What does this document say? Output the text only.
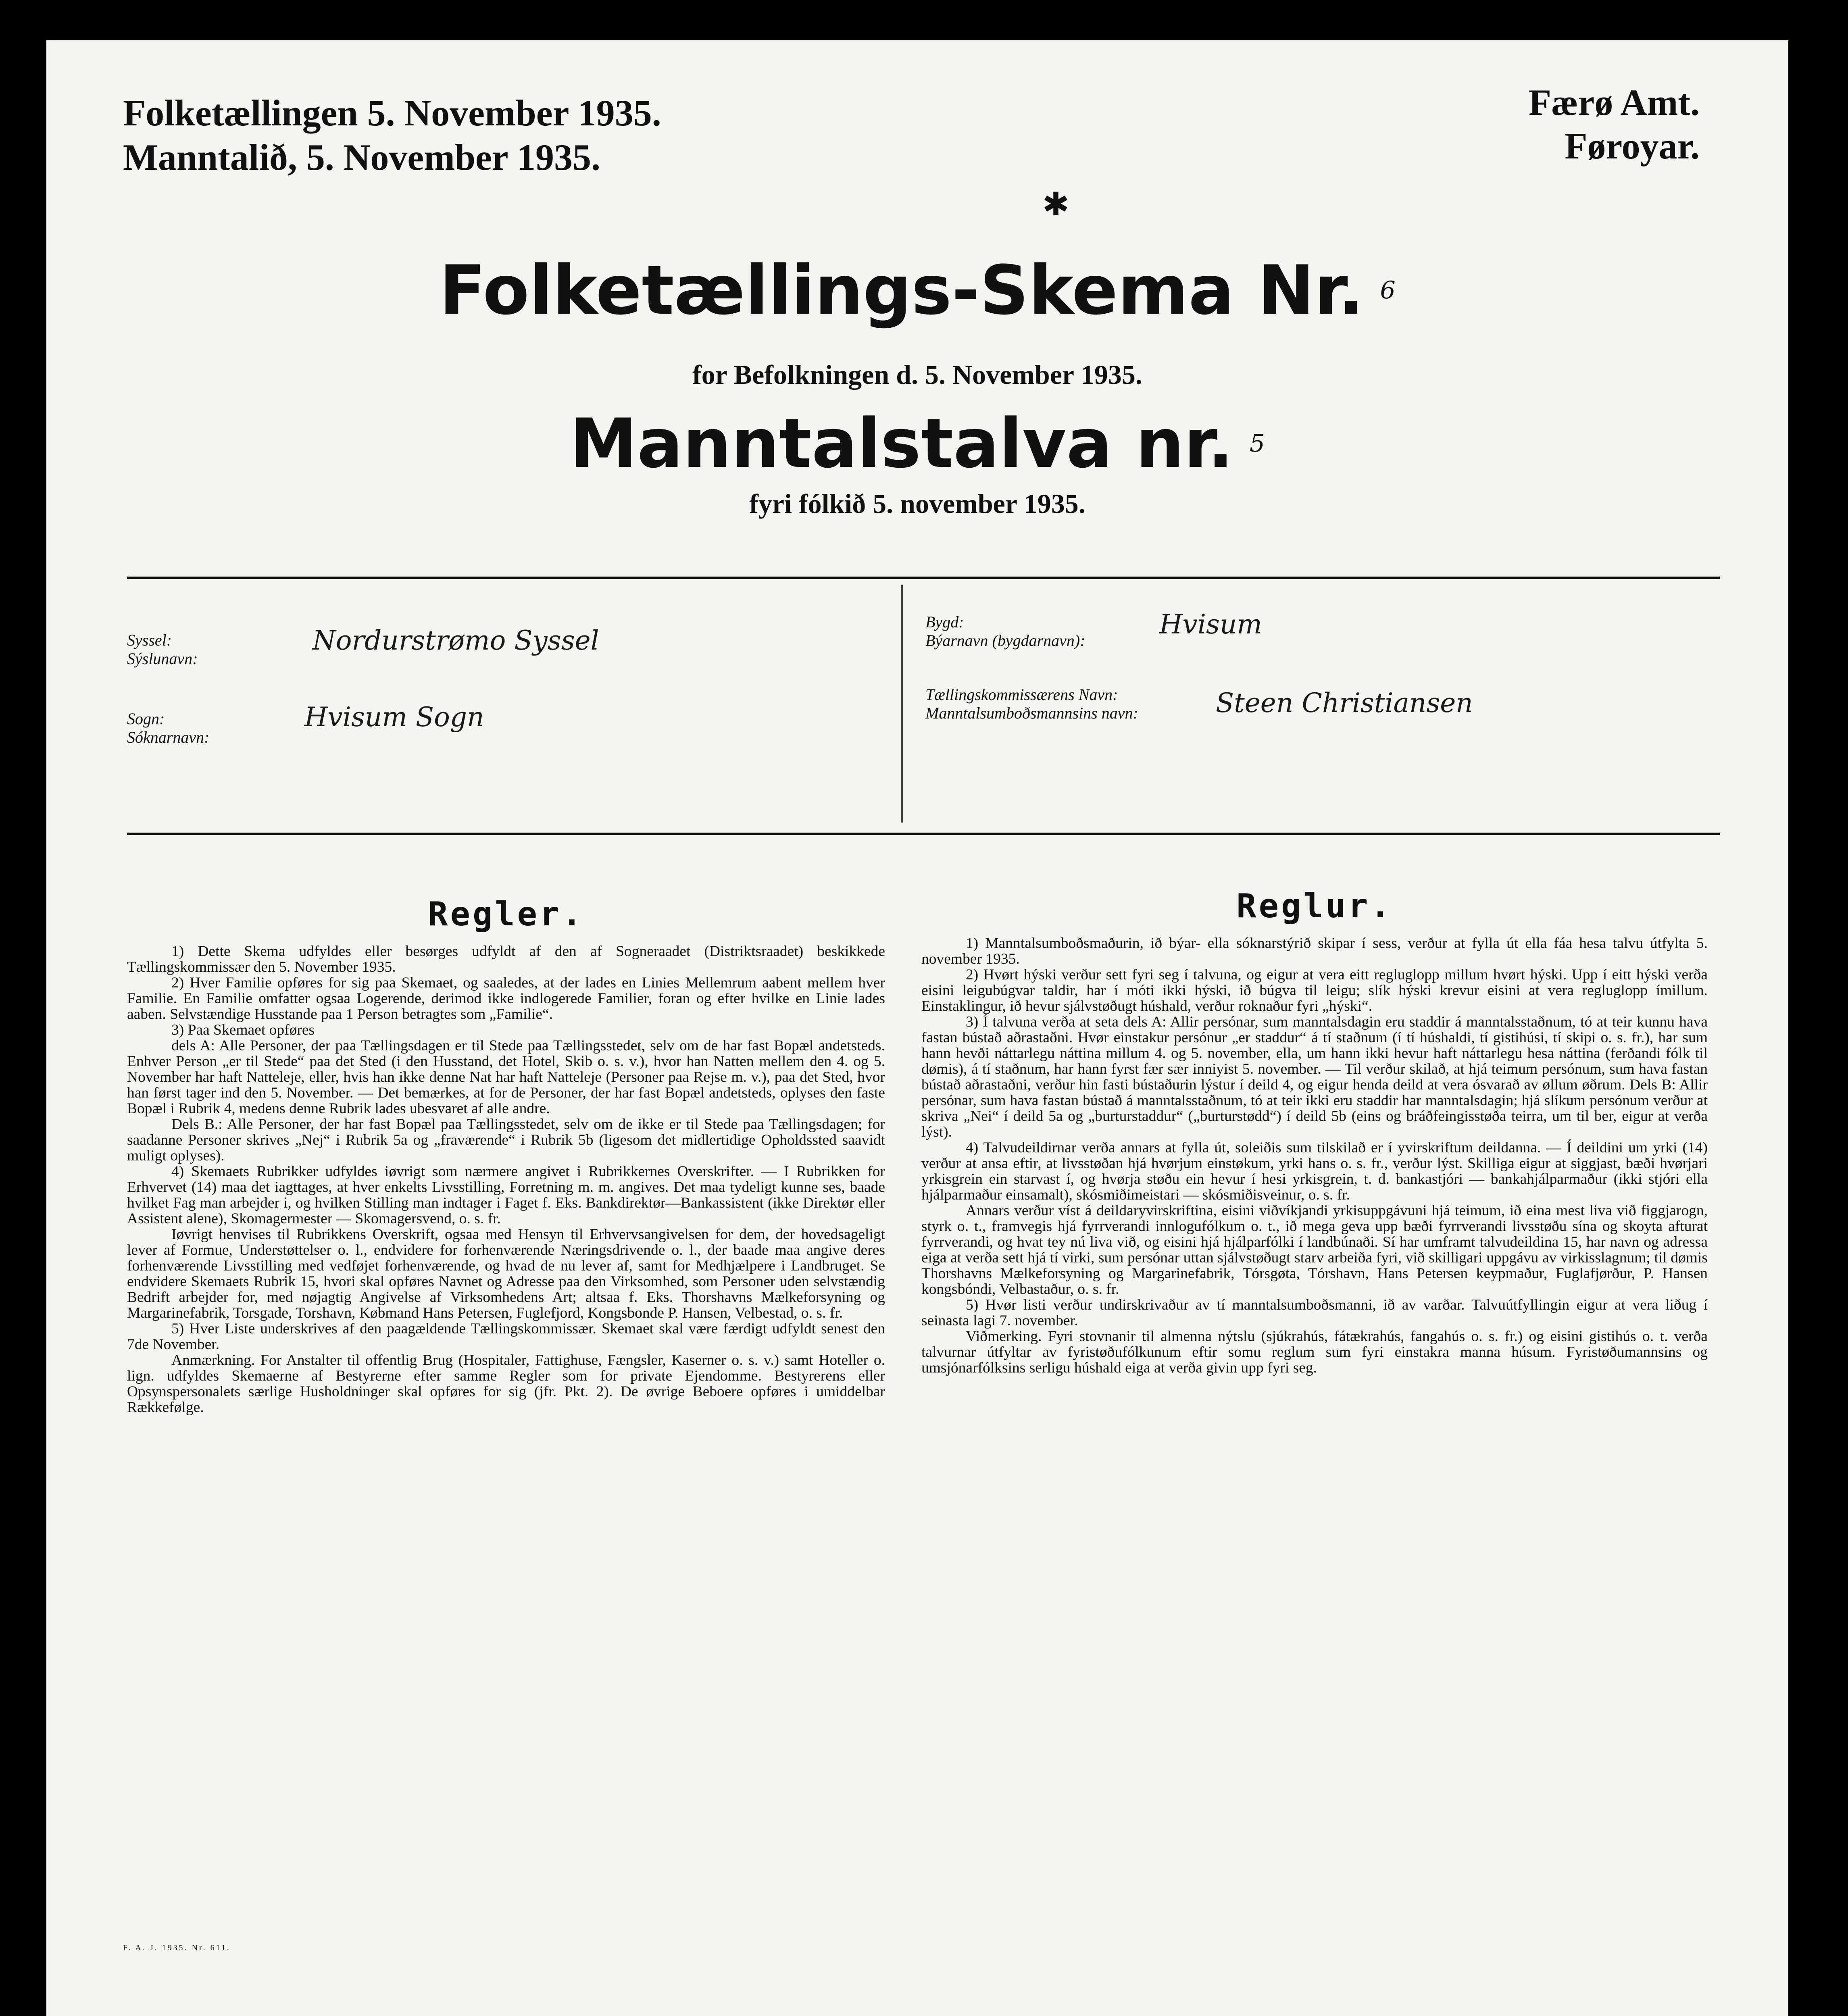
Folketællingen 5. November 1935.
Manntalið, 5. November 1935.
Færø Amt.
Føroyar.
✱
Folketællings-Skema Nr. $^6$
for Befolkningen d. 5. November 1935.
Manntalstalva nr. $^5$
fyri fólkið 5. november 1935.
Syssel:
Sýslunavn:
Nordurstrømo Syssel
Sogn:
Sóknarnavn:
Hvisum Sogn
Bygd:
Býarnavn (bygdarnavn):
Hvisum
Tællingskommissærens Navn:
Manntalsumboðsmannsins navn:	Steen Christiansen
Regler.

1) Dette Skema udfyldes eller besørges udfyldt af den af Sogneraadet (Distriktsraadet) beskikkede Tællingskommissær den 5. November 1935.

2) Hver Familie opføres for sig paa Skemaet, og saaledes, at der lades en Linies Mellemrum aabent mellem hver Familie. En Familie omfatter ogsaa Logerende, derimod ikke indlogerede Familier, foran og efter hvilke en Linie lades aaben. Selvstændige Husstande paa 1 Person betragtes som „Familie“.

3) Paa Skemaet opføres

dels A: Alle Personer, der paa Tællingsdagen er til Stede paa Tællingsstedet, selv om de har fast Bopæl andetsteds. Enhver Person „er til Stede“ paa det Sted (i den Husstand, det Hotel, Skib o. s. v.), hvor han Natten mellem den 4. og 5. November har haft Natteleje, eller, hvis han ikke denne Nat har haft Natteleje (Personer paa Rejse m. v.), paa det Sted, hvor han først tager ind den 5. November. — Det bemærkes, at for de Personer, der har fast Bopæl andetsteds, oplyses den faste Bopæl i Rubrik 4, medens denne Rubrik lades ubesvaret af alle andre.

Dels B.: Alle Personer, der har fast Bopæl paa Tællingsstedet, selv om de ikke er til Stede paa Tællingsdagen; for saadanne Personer skrives „Nej“ i Rubrik 5a og „fraværende“ i Rubrik 5b (ligesom det midlertidige Opholdssted saavidt muligt oplyses).

4) Skemaets Rubrikker udfyldes iøvrigt som nærmere angivet i Rubrikkernes Overskrifter. — I Rubrikken for Erhvervet (14) maa det iagttages, at hver enkelts Livsstilling, Forretning m. m. angives. Det maa tydeligt kunne ses, baade hvilket Fag man arbejder i, og hvilken Stilling man indtager i Faget f. Eks. Bankdirektør—Bankassistent (ikke Direktør eller Assistent alene), Skomagermester — Skomagersvend, o. s. fr.

Iøvrigt henvises til Rubrikkens Overskrift, ogsaa med Hensyn til Erhvervsangivelsen for dem, der hovedsageligt lever af Formue, Understøttelser o. l., endvidere for forhenværende Næringsdrivende o. l., der baade maa angive deres forhenværende Livsstilling med vedføjet forhenværende, og hvad de nu lever af, samt for Medhjælpere i Landbruget. Se endvidere Skemaets Rubrik 15, hvori skal opføres Navnet og Adresse paa den Virksomhed, som Personer uden selvstændig Bedrift arbejder for, med nøjagtig Angivelse af Virksomhedens Art; altsaa f. Eks. Thorshavns Mælkeforsyning og Margarinefabrik, Torsgade, Torshavn, Købmand Hans Petersen, Fuglefjord, Kongsbonde P. Hansen, Velbestad, o. s. fr.

5) Hver Liste underskrives af den paagældende Tællingskommissær. Skemaet skal være færdigt udfyldt senest den 7de November.

Anmærkning. For Anstalter til offentlig Brug (Hospitaler, Fattighuse, Fængsler, Kaserner o. s. v.) samt Hoteller o. lign. udfyldes Skemaerne af Bestyrerne efter samme Regler som for private Ejendomme. Bestyrerens eller Opsynspersonalets særlige Husholdninger skal opføres for sig (jfr. Pkt. 2). De øvrige Beboere opføres i umiddelbar Rækkefølge.

Reglur.

1) Manntalsumboðsmaðurin, ið býar- ella sóknarstýrið skipar í sess, verður at fylla út ella fáa hesa talvu útfylta 5. november 1935.

2) Hvørt hýski verður sett fyri seg í talvuna, og eigur at vera eitt regluglopp millum hvørt hýski. Upp í eitt hýski verða eisini leigubúgvar taldir, har í móti ikki hýski, ið búgva til leigu; slík hýski krevur eisini at vera regluglopp ímillum. Einstaklingur, ið hevur sjálvstøðugt húshald, verður roknaður fyri „hýski“.

3) Í talvuna verða at seta dels A: Allir persónar, sum manntalsdagin eru staddir á manntalsstaðnum, tó at teir kunnu hava fastan bústað aðrastaðni. Hvør einstakur persónur „er staddur“ á tí staðnum (í tí húshaldi, tí gistihúsi, tí skipi o. s. fr.), har sum hann hevði náttarlegu náttina millum 4. og 5. november, ella, um hann ikki hevur haft náttarlegu hesa náttina (ferðandi fólk til dømis), á tí staðnum, har hann fyrst fær sær inniyist 5. november. — Til verður skilað, at hjá teimum persónum, sum hava fastan bústað aðrastaðni, verður hin fasti bústaðurin lýstur í deild 4, og eigur henda deild at vera ósvarað av øllum øðrum. Dels B: Allir persónar, sum hava fastan bústað á manntalsstaðnum, tó at teir ikki eru staddir har manntalsdagin; hjá slíkum persónum verður at skriva „Nei“ í deild 5a og „burturstaddur“ („burturstødd“) í deild 5b (eins og bráðfeingisstøða teirra, um til ber, eigur at verða lýst).

4) Talvudeildirnar verða annars at fylla út, soleiðis sum tilskilað er í yvirskriftum deildanna. — Í deildini um yrki (14) verður at ansa eftir, at livsstøðan hjá hvørjum einstøkum, yrki hans o. s. fr., verður lýst. Skilliga eigur at siggjast, bæði hvørjari yrkisgrein ein starvast í, og hvørja støðu ein hevur í hesi yrkisgrein, t. d. bankastjóri — bankahjálparmaður (ikki stjóri ella hjálparmaður einsamalt), skósmiðimeistari — skósmiðisveinur, o. s. fr.

Annars verður víst á deildaryvirskriftina, eisini viðvíkjandi yrkisuppgávuni hjá teimum, ið eina mest liva við figgjarogn, styrk o. t., framvegis hjá fyrrverandi innlogufólkum o. t., ið mega geva upp bæði fyrrverandi livsstøðu sína og skoyta afturat fyrrverandi, og hvat tey nú liva við, og eisini hjá hjálparfólki í landbúnaði. Sí har umframt talvudeildina 15, har navn og adressa eiga at verða sett hjá tí virki, sum persónar uttan sjálvstøðugt starv arbeiða fyri, við skilligari uppgávu av virkisslagnum; til dømis Thorshavns Mælkeforsyning og Margarinefabrik, Tórsgøta, Tórshavn, Hans Petersen keypmaður, Fuglafjørður, P. Hansen kongsbóndi, Velbastaður, o. s. fr.

5) Hvør listi verður undirskrivaður av tí manntalsumboðsmanni, ið av varðar. Talvuútfyllingin eigur at vera liðug í seinasta lagi 7. november.

Viðmerking. Fyri stovnanir til almenna nýtslu (sjúkrahús, fátækrahús, fangahús o. s. fr.) og eisini gistihús o. t. verða talvurnar útfyltar av fyristøðufólkunum eftir somu reglum sum fyri einstakra manna húsum. Fyristøðumannsins og umsjónarfólksins serligu húshald eiga at verða givin upp fyri seg.

F. A. J. 1935. Nr. 611.
